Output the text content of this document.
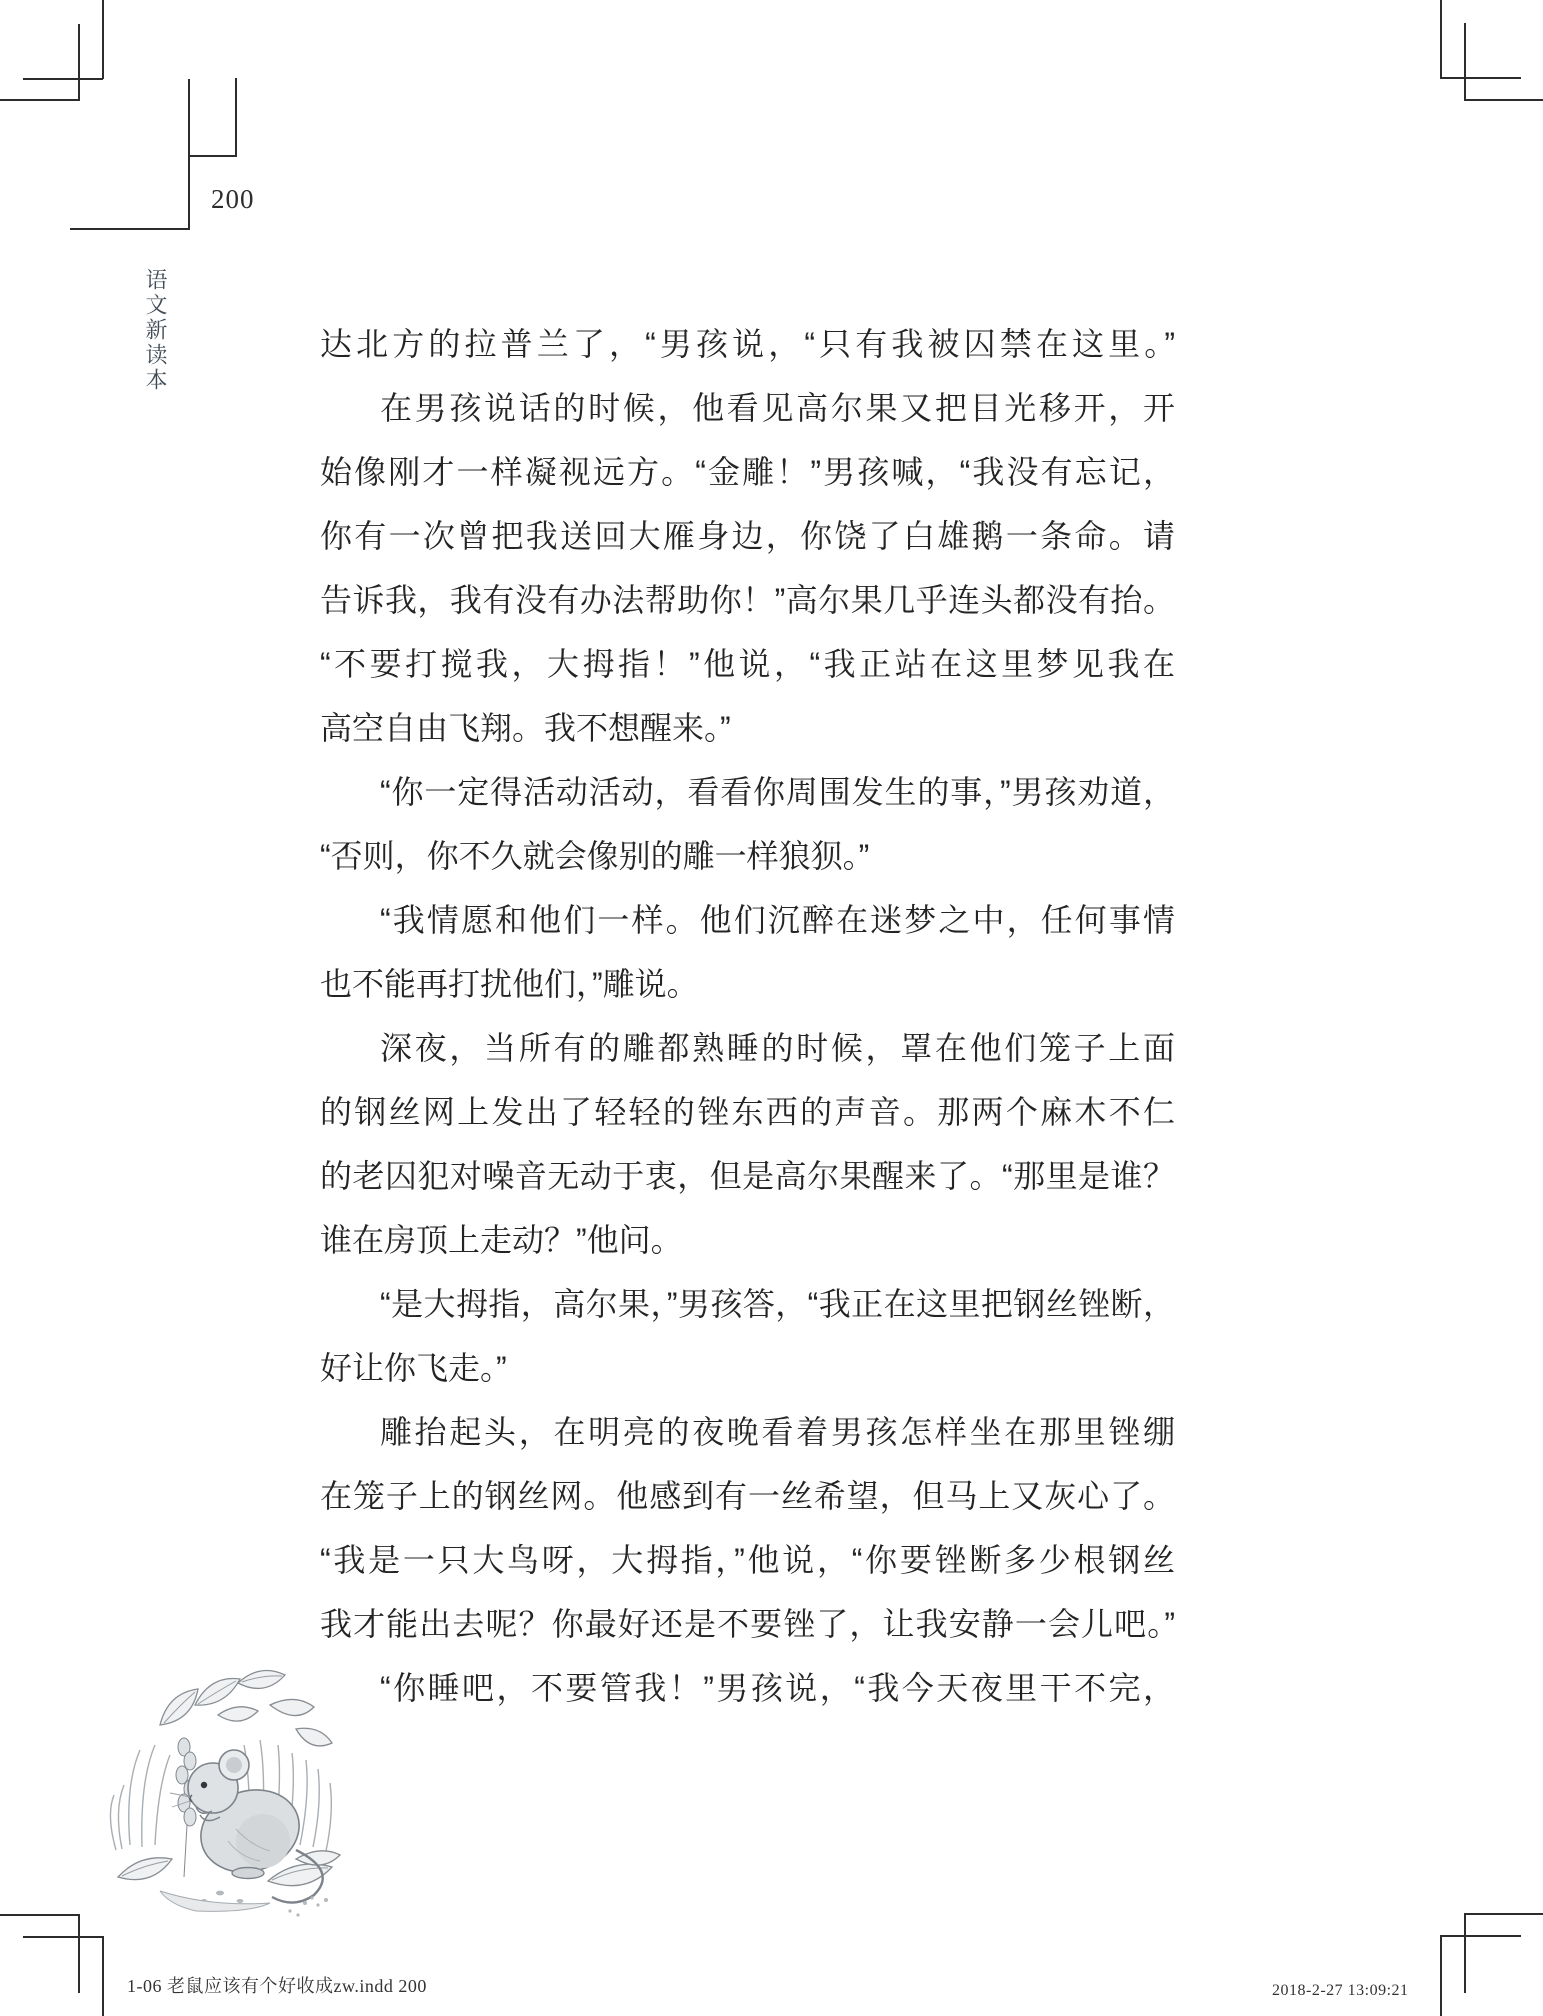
200
语文新读本	达北方的拉普兰了，“男孩说，“只有我被囚禁在这里。”
在男孩说话的时候，他看见高尔果又把目光移开，开
始像刚才一样凝视远方。“金雕！”男孩喊，“我没有忘记，
你有一次曾把我送回大雁身边，你饶了白雄鹅一条命。请
告诉我，我有没有办法帮助你！”高尔果几乎连头都没有抬。
“不要打搅我，大拇指！”他说，“我正站在这里梦见我在
高空自由飞翔。我不想醒来。”
“你一定得活动活动，看看你周围发生的事，”男孩劝道，
“否则，你不久就会像别的雕一样狼狈。”
“我情愿和他们一样。他们沉醉在迷梦之中，任何事情
也不能再打扰他们，”雕说。
深夜，当所有的雕都熟睡的时候，罩在他们笼子上面
的钢丝网上发出了轻轻的锉东西的声音。那两个麻木不仁
的老囚犯对噪音无动于衷，但是高尔果醒来了。“那里是谁？
谁在房顶上走动？”他问。
“是大拇指，高尔果，”男孩答，“我正在这里把钢丝锉断，
好让你飞走。”
雕抬起头，在明亮的夜晚看着男孩怎样坐在那里锉绷
在笼子上的钢丝网。他感到有一丝希望，但马上又灰心了。
“我是一只大鸟呀，大拇指，”他说，“你要锉断多少根钢丝
我才能出去呢？你最好还是不要锉了，让我安静一会儿吧。”
“你睡吧，不要管我！”男孩说，“我今天夜里干不完，
1-06 老鼠应该有个好收成zw.indd 200	2018-2-27 13:09:21
